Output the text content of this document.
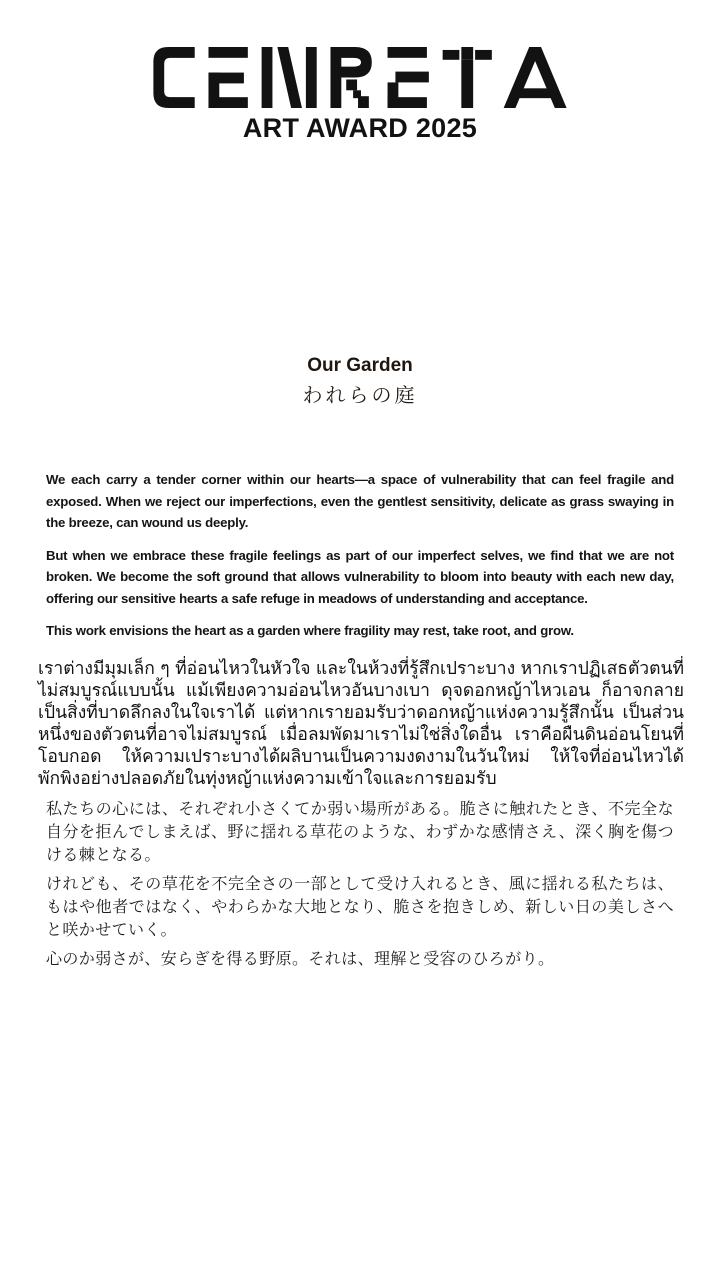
ART AWARD 2025
Our Garden
われらの庭

We each carry a tender corner within our hearts—a space of vulnerability that can feel fragile and exposed. When we reject our imperfections, even the gentlest sensitivity, delicate as grass swaying in the breeze, can wound us deeply.

But when we embrace these fragile feelings as part of our imperfect selves, we find that we are not broken. We become the soft ground that allows vulnerability to bloom into beauty with each new day, offering our sensitive hearts a safe refuge in meadows of understanding and acceptance.

This work envisions the heart as a garden where fragility may rest, take root, and grow.

เราต่างมีมุมเล็ก ๆ ที่อ่อนไหวในหัวใจ และในห้วงที่รู้สึกเปราะบาง หากเราปฏิเสธตัวตนที่ไม่สมบูรณ์แบบนั้น แม้เพียงความอ่อนไหวอันบางเบา ดุจดอกหญ้าไหวเอน ก็อาจกลายเป็นสิ่งที่บาดลึกลงในใจเราได้ แต่หากเรายอมรับว่าดอกหญ้าแห่งความรู้สึกนั้น เป็นส่วนหนึ่งของตัวตนที่อาจไม่สมบูรณ์ เมื่อลมพัดมาเราไม่ใช่สิ่งใดอื่น เราคือผืนดินอ่อนโยนที่โอบกอด ให้ความเปราะบางได้ผลิบานเป็นความงดงามในวันใหม่ ให้ใจที่อ่อนไหวได้พักพิงอย่างปลอดภัยในทุ่งหญ้าแห่งความเข้าใจและการยอมรับ

私たちの心には、それぞれ小さくてか弱い場所がある。脆さに触れたとき、不完全な自分を拒んでしまえば、野に揺れる草花のような、わずかな感情さえ、深く胸を傷つける棘となる。

けれども、その草花を不完全さの一部として受け入れるとき、風に揺れる私たちは、もはや他者ではなく、やわらかな大地となり、脆さを抱きしめ、新しい日の美しさへと咲かせていく。

心のか弱さが、安らぎを得る野原。それは、理解と受容のひろがり。
